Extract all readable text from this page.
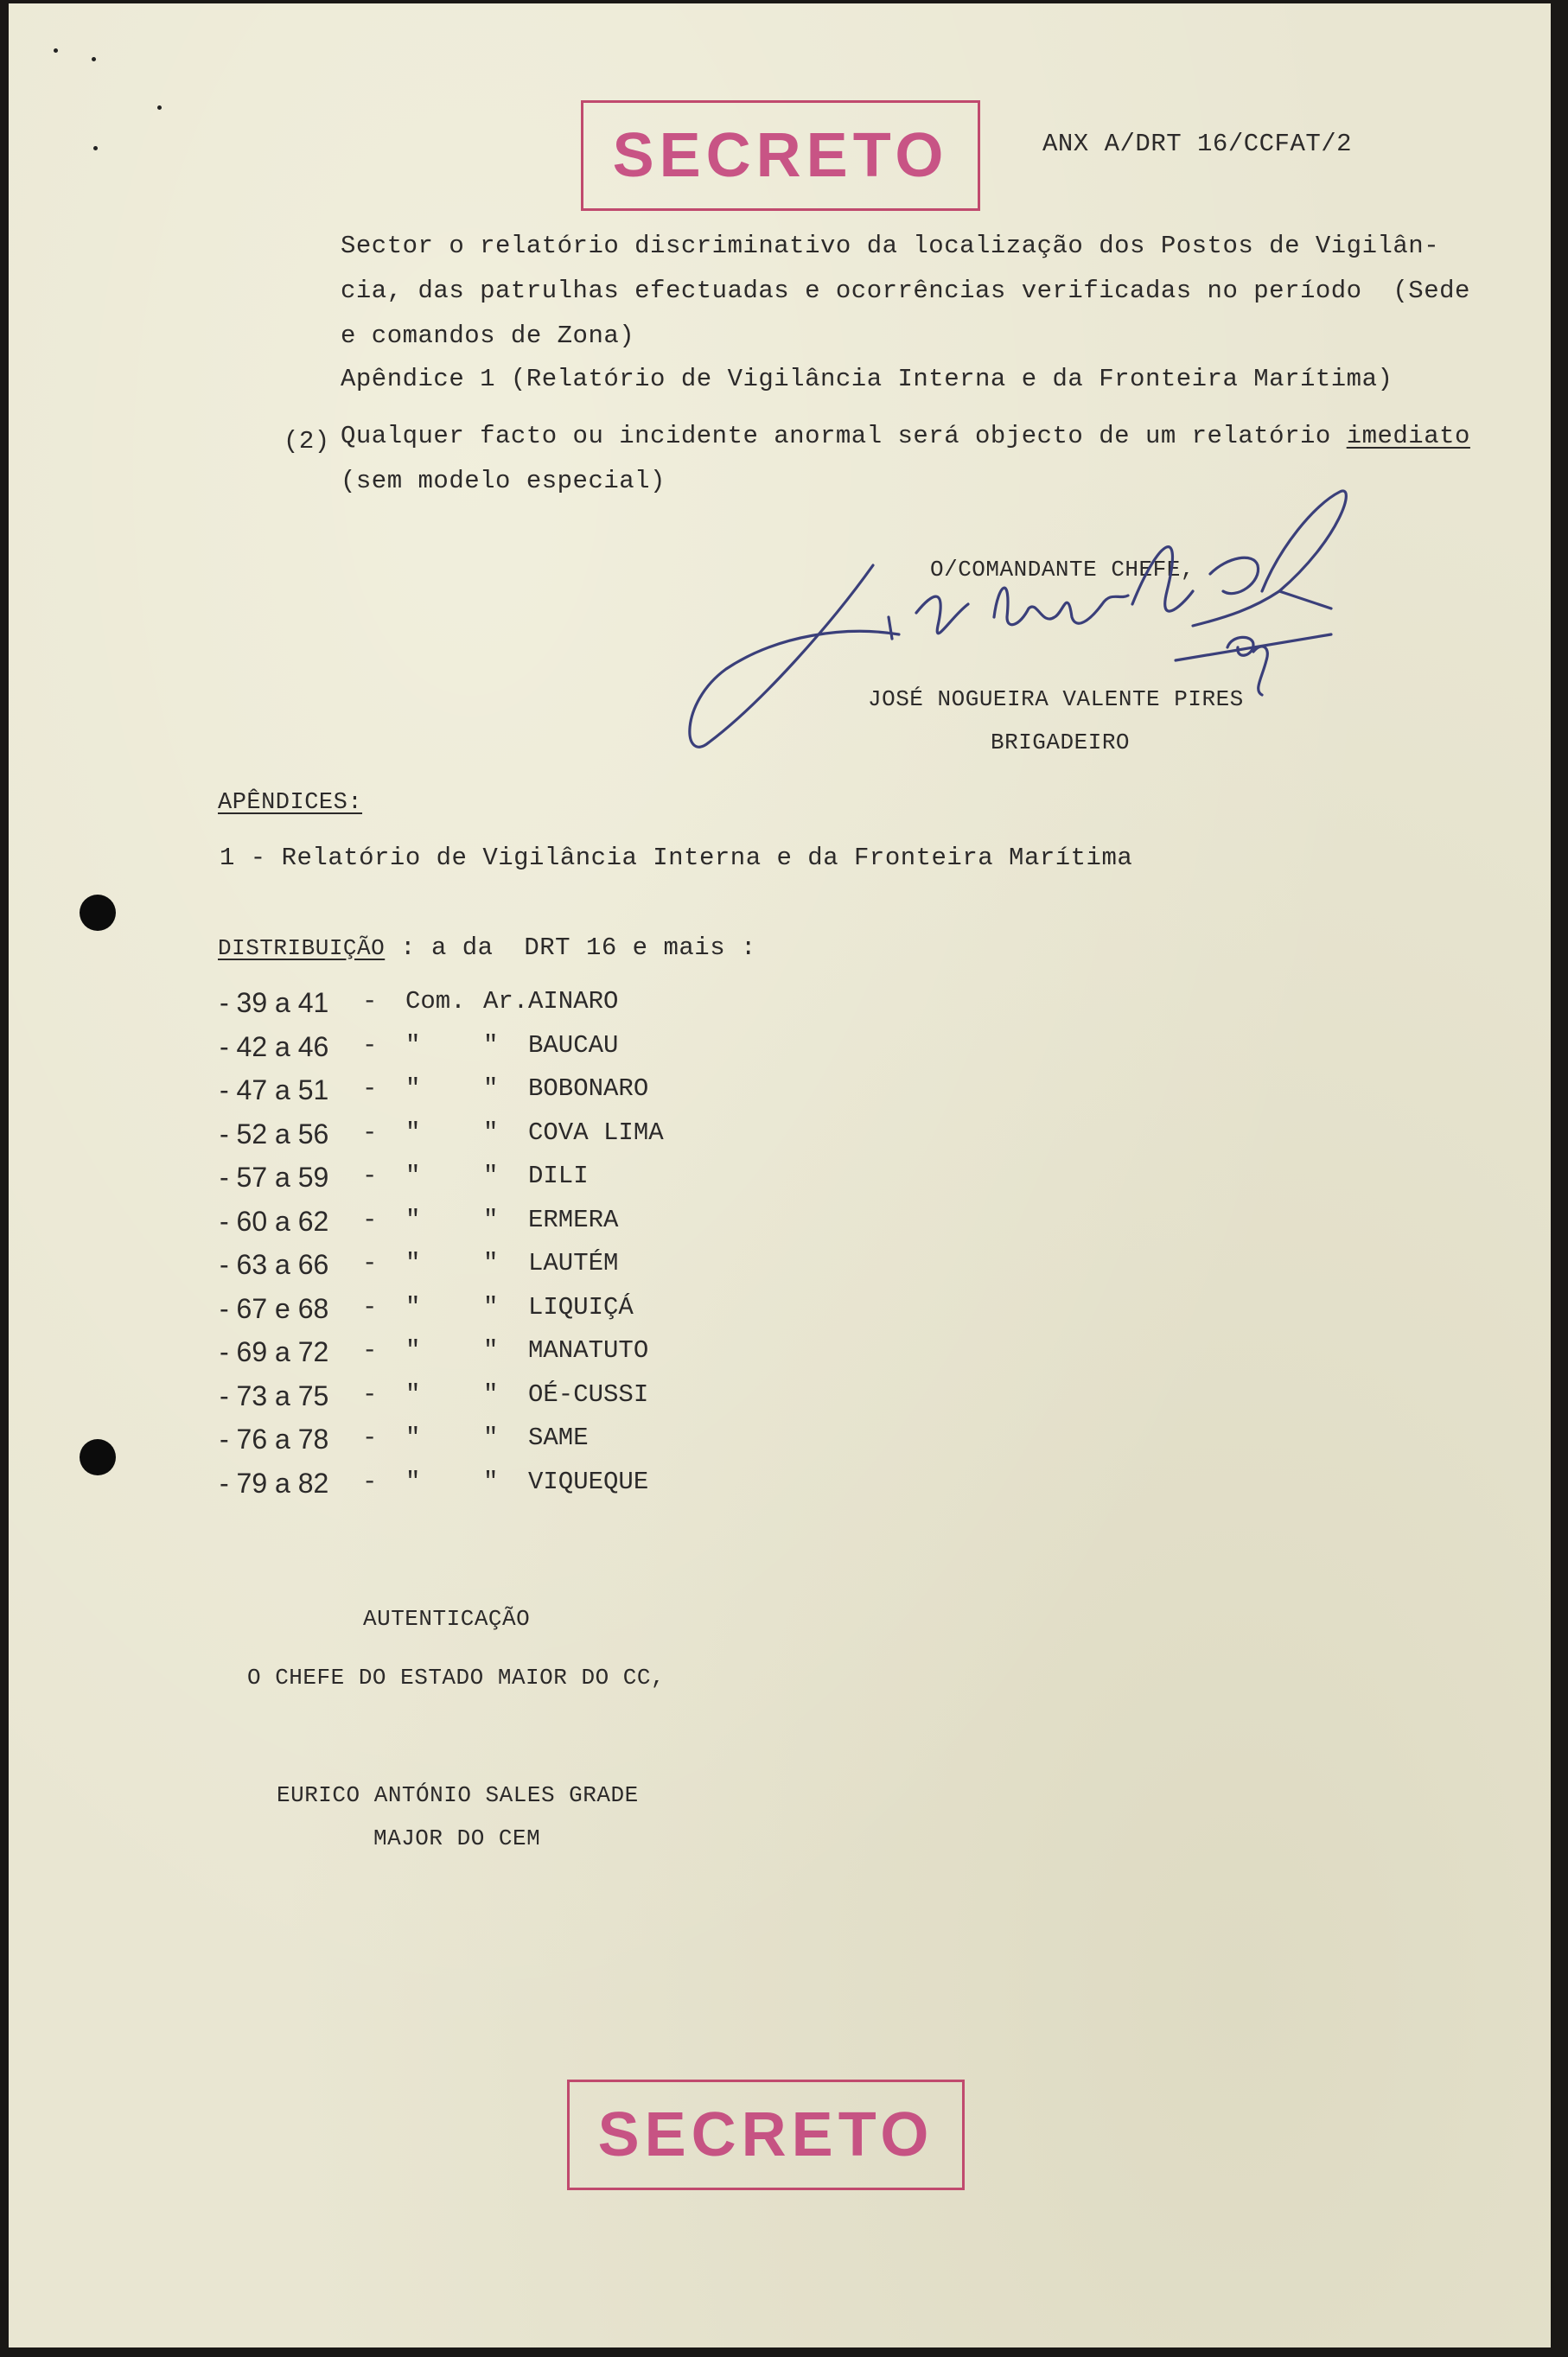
SECRETO	ANX A/DRT 16/CCFAT/2
Sector o relatório discriminativo da localização dos Postos de Vigilân-
cia, das patrulhas efectuadas e ocorrências verificadas no período  (Sede
e comandos de Zona)
Apêndice 1 (Relatório de Vigilância Interna e da Fronteira Marítima)
(2) Qualquer facto ou incidente anormal será objecto de um relatório imediato
(sem modelo especial)
O/COMANDANTE CHEFE,
JOSÉ NOGUEIRA VALENTE PIRES
BRIGADEIRO
APÊNDICES:
1 - Relatório de Vigilância Interna e da Fronteira Marítima
DISTRIBUIÇÃO : a da  DRT 16 e mais :
- 39 a 41 - Com. Ar. AINARO
- 42 a 46 - "	" BAUCAU
- 47 a 51 - "	" BOBONARO
- 52 a 56 - "	" COVA LIMA
- 57 a 59 - "	" DILI
- 60 a 62 - "	" ERMERA
- 63 a 66 - "	" LAUTÉM
- 67 e 68 - "	" LIQUIÇÁ
- 69 a 72 - "	" MANATUTO
- 73 a 75 - "	" OÉ-CUSSI
- 76 a 78 - "	" SAME
- 79 a 82 - "	" VIQUEQUE
AUTENTICAÇÃO
O CHEFE DO ESTADO MAIOR DO CC,
EURICO ANTÓNIO SALES GRADE
MAJOR DO CEM
SECRETO
